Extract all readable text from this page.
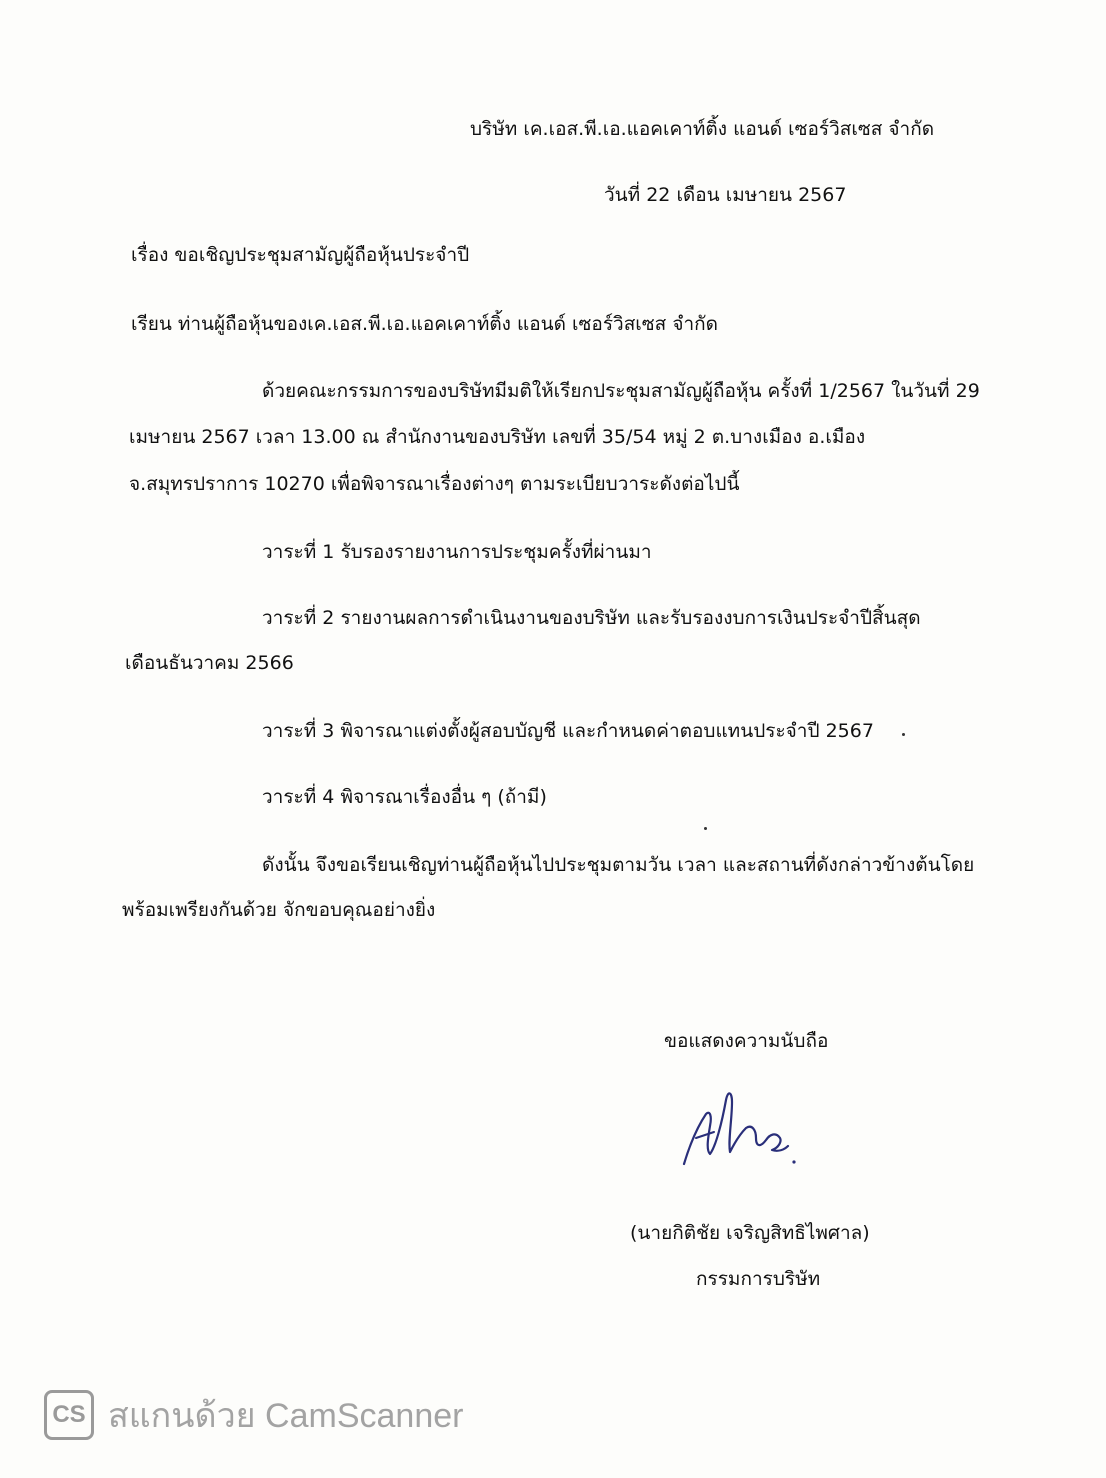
บริษัท เค.เอส.พี.เอ.แอคเคาท์ติ้ง แอนด์ เซอร์วิสเซส จำกัด
วันที่ 22 เดือน เมษายน 2567
เรื่อง ขอเชิญประชุมสามัญผู้ถือหุ้นประจำปี
เรียน ท่านผู้ถือหุ้นของเค.เอส.พี.เอ.แอคเคาท์ติ้ง แอนด์ เซอร์วิสเซส จำกัด
ด้วยคณะกรรมการของบริษัทมีมติให้เรียกประชุมสามัญผู้ถือหุ้น ครั้งที่ 1/2567 ในวันที่ 29
เมษายน 2567 เวลา 13.00 ณ สำนักงานของบริษัท เลขที่ 35/54 หมู่ 2 ต.บางเมือง อ.เมือง
จ.สมุทรปราการ 10270 เพื่อพิจารณาเรื่องต่างๆ ตามระเบียบวาระดังต่อไปนี้
วาระที่ 1 รับรองรายงานการประชุมครั้งที่ผ่านมา
วาระที่ 2 รายงานผลการดำเนินงานของบริษัท และรับรองงบการเงินประจำปีสิ้นสุด
เดือนธันวาคม 2566
วาระที่ 3 พิจารณาแต่งตั้งผู้สอบบัญชี และกำหนดค่าตอบแทนประจำปี 2567
วาระที่ 4 พิจารณาเรื่องอื่น ๆ (ถ้ามี)
ดังนั้น จึงขอเรียนเชิญท่านผู้ถือหุ้นไปประชุมตามวัน เวลา และสถานที่ดังกล่าวข้างต้นโดย
พร้อมเพรียงกันด้วย จักขอบคุณอย่างยิ่ง
ขอแสดงความนับถือ
(นายกิติชัย เจริญสิทธิไพศาล)
กรรมการบริษัท
CS สแกนด้วย CamScanner
